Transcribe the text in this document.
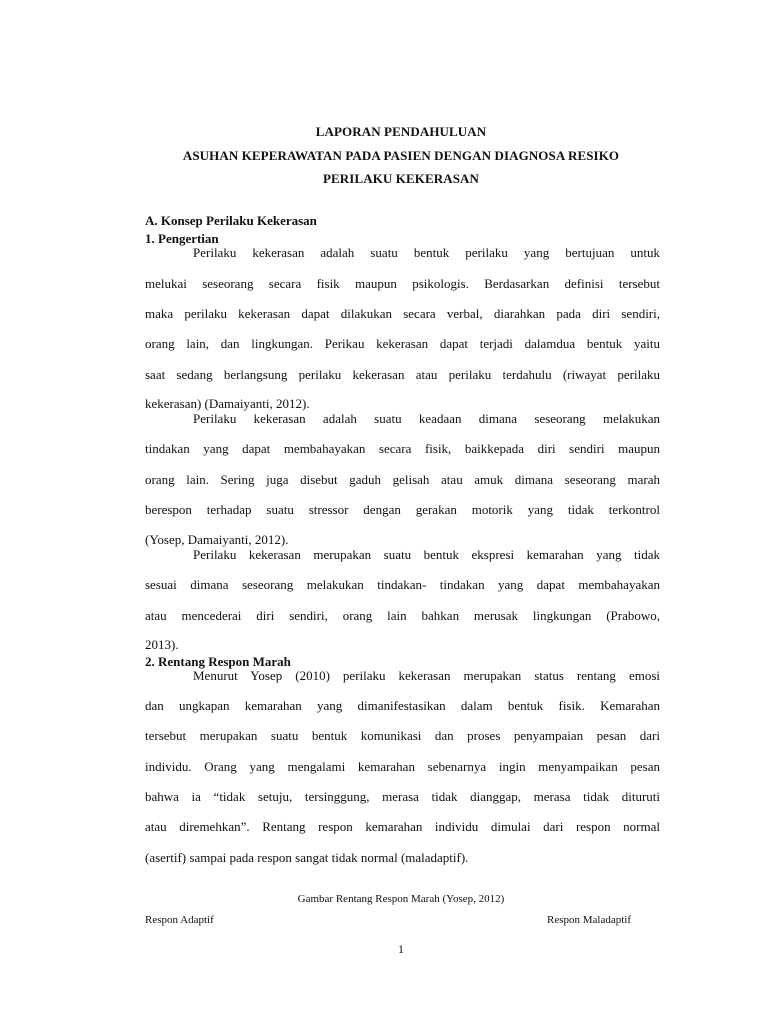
LAPORAN PENDAHULUAN
ASUHAN KEPERAWATAN PADA PASIEN DENGAN DIAGNOSA RESIKO
PERILAKU KEKERASAN
A. Konsep Perilaku Kekerasan
1. Pengertian
Perilaku kekerasan adalah suatu bentuk perilaku yang bertujuan untuk
melukai seseorang secara fisik maupun psikologis. Berdasarkan definisi tersebut
maka perilaku kekerasan dapat dilakukan secara verbal, diarahkan pada diri sendiri,
orang lain, dan lingkungan. Perikau kekerasan dapat terjadi dalamdua bentuk yaitu
saat sedang berlangsung perilaku kekerasan atau perilaku terdahulu (riwayat perilaku
kekerasan) (Damaiyanti, 2012).
Perilaku kekerasan adalah suatu keadaan dimana seseorang melakukan
tindakan yang dapat membahayakan secara fisik, baikkepada diri sendiri maupun
orang lain. Sering juga disebut gaduh gelisah atau amuk dimana seseorang marah
berespon terhadap suatu stressor dengan gerakan motorik yang tidak terkontrol
(Yosep, Damaiyanti, 2012).
Perilaku kekerasan merupakan suatu bentuk ekspresi kemarahan yang tidak
sesuai dimana seseorang melakukan tindakan- tindakan yang dapat membahayakan
atau mencederai diri sendiri, orang lain bahkan merusak lingkungan (Prabowo,
2013).
2. Rentang Respon Marah
Menurut Yosep (2010) perilaku kekerasan merupakan status rentang emosi
dan ungkapan kemarahan yang dimanifestasikan dalam bentuk fisik. Kemarahan
tersebut merupakan suatu bentuk komunikasi dan proses penyampaian pesan dari
individu. Orang yang mengalami kemarahan sebenarnya ingin menyampaikan pesan
bahwa ia “tidak setuju, tersinggung, merasa tidak dianggap, merasa tidak dituruti
atau diremehkan”. Rentang respon kemarahan individu dimulai dari respon normal
(asertif) sampai pada respon sangat tidak normal (maladaptif).
Gambar Rentang Respon Marah (Yosep, 2012)
Respon Adaptif	Respon Maladaptif
1
